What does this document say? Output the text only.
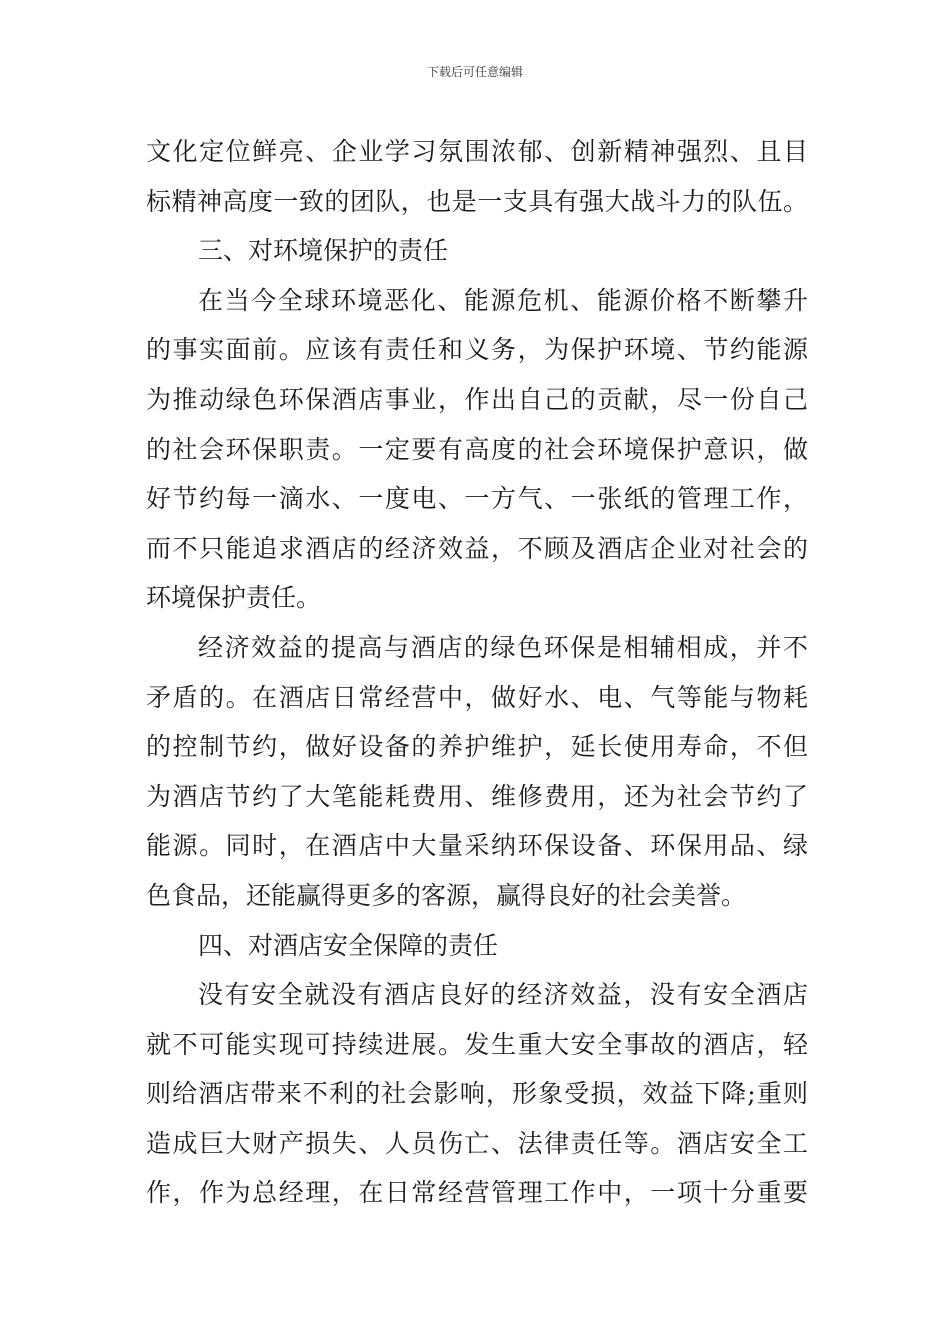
下载后可任意编辑
文化定位鲜亮、企业学习氛围浓郁、创新精神强烈、且目
标精神高度一致的团队，也是一支具有强大战斗力的队伍。
三、对环境保护的责任
在当今全球环境恶化、能源危机、能源价格不断攀升
的事实面前。应该有责任和义务，为保护环境、节约能源
为推动绿色环保酒店事业，作出自己的贡献，尽一份自己
的社会环保职责。一定要有高度的社会环境保护意识，做
好节约每一滴水、一度电、一方气、一张纸的管理工作，
而不只能追求酒店的经济效益，不顾及酒店企业对社会的
环境保护责任。
经济效益的提高与酒店的绿色环保是相辅相成，并不
矛盾的。在酒店日常经营中，做好水、电、气等能与物耗
的控制节约，做好设备的养护维护，延长使用寿命，不但
为酒店节约了大笔能耗费用、维修费用，还为社会节约了
能源。同时，在酒店中大量采纳环保设备、环保用品、绿
色食品，还能赢得更多的客源，赢得良好的社会美誉。
四、对酒店安全保障的责任
没有安全就没有酒店良好的经济效益，没有安全酒店
就不可能实现可持续进展。发生重大安全事故的酒店，轻
则给酒店带来不利的社会影响，形象受损，效益下降;重则
造成巨大财产损失、人员伤亡、法律责任等。酒店安全工
作，作为总经理，在日常经营管理工作中，一项十分重要
